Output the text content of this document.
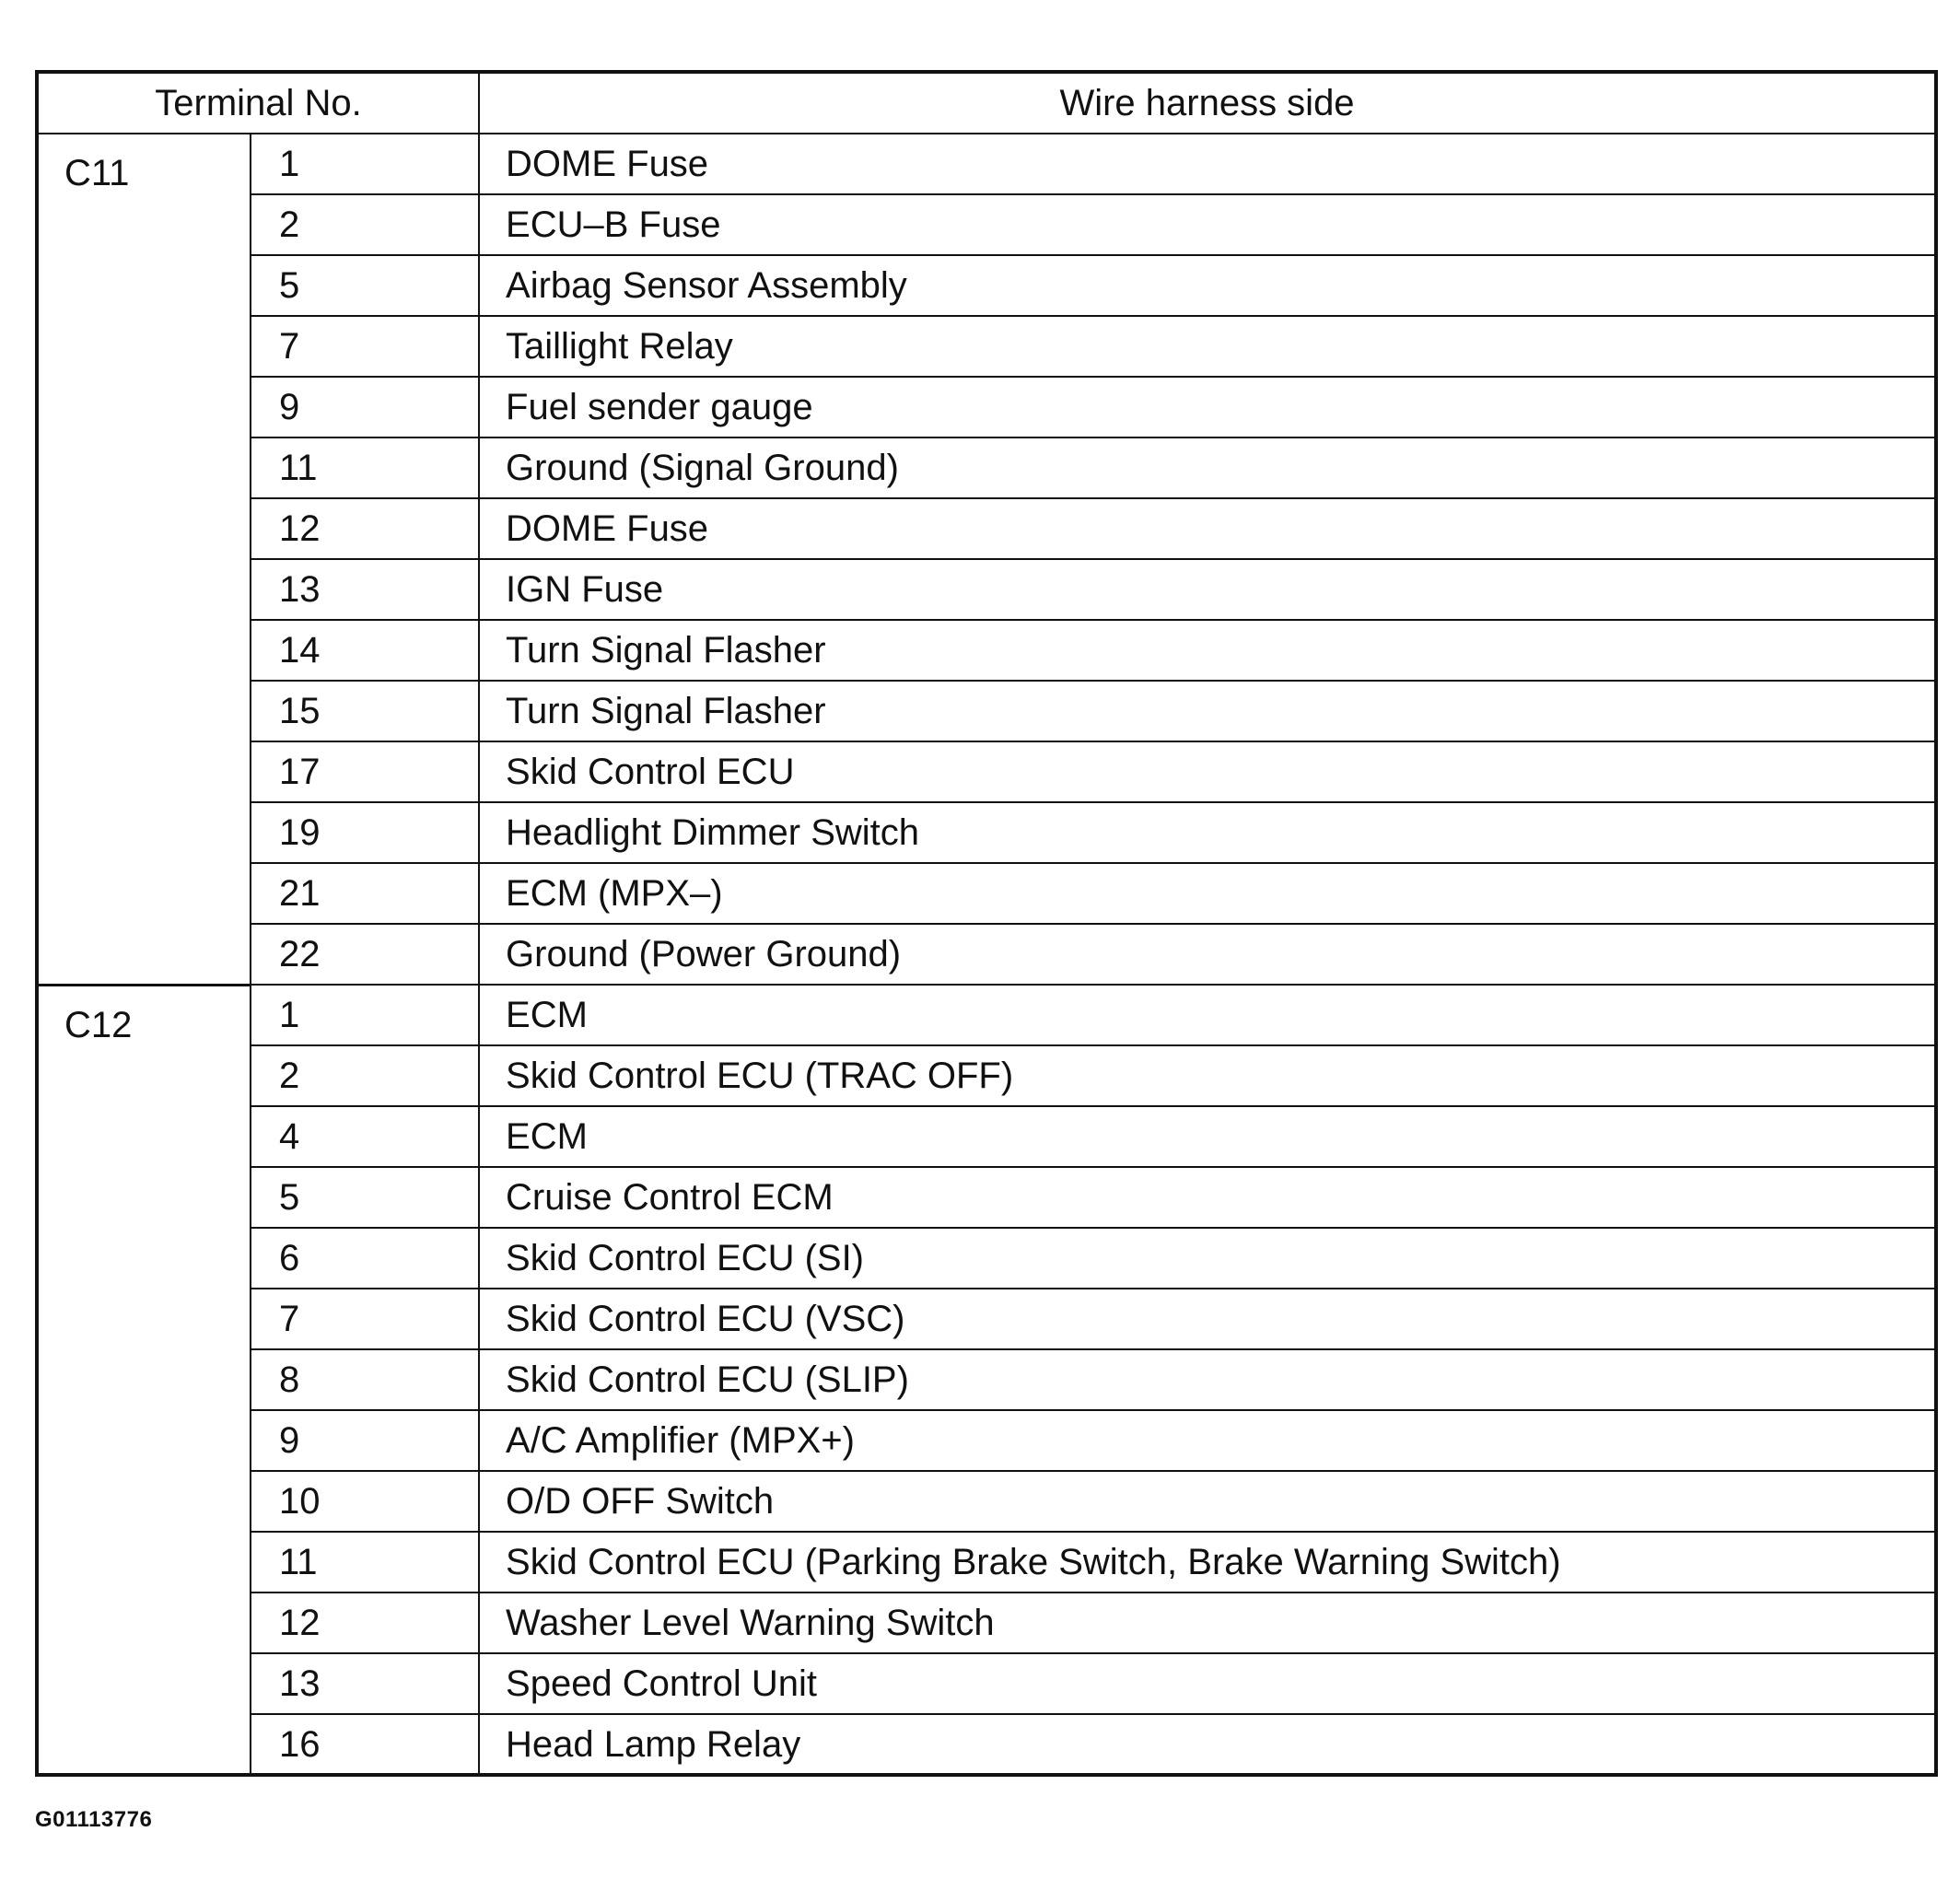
Terminal No.		Wire harness side
C11	1	DOME Fuse
	2	ECU–B Fuse
	5	Airbag Sensor Assembly
	7	Taillight Relay
	9	Fuel sender gauge
	11	Ground (Signal Ground)
	12	DOME Fuse
	13	IGN Fuse
	14	Turn Signal Flasher
	15	Turn Signal Flasher
	17	Skid Control ECU
	19	Headlight Dimmer Switch
	21	ECM (MPX–)
	22	Ground (Power Ground)
C12	1	ECM
	2	Skid Control ECU (TRAC OFF)
	4	ECM
	5	Cruise Control ECM
	6	Skid Control ECU (SI)
	7	Skid Control ECU (VSC)
	8	Skid Control ECU (SLIP)
	9	A/C Amplifier (MPX+)
	10	O/D OFF Switch
	11	Skid Control ECU (Parking Brake Switch, Brake Warning Switch)
	12	Washer Level Warning Switch
	13	Speed Control Unit
	16	Head Lamp Relay
G01113776
